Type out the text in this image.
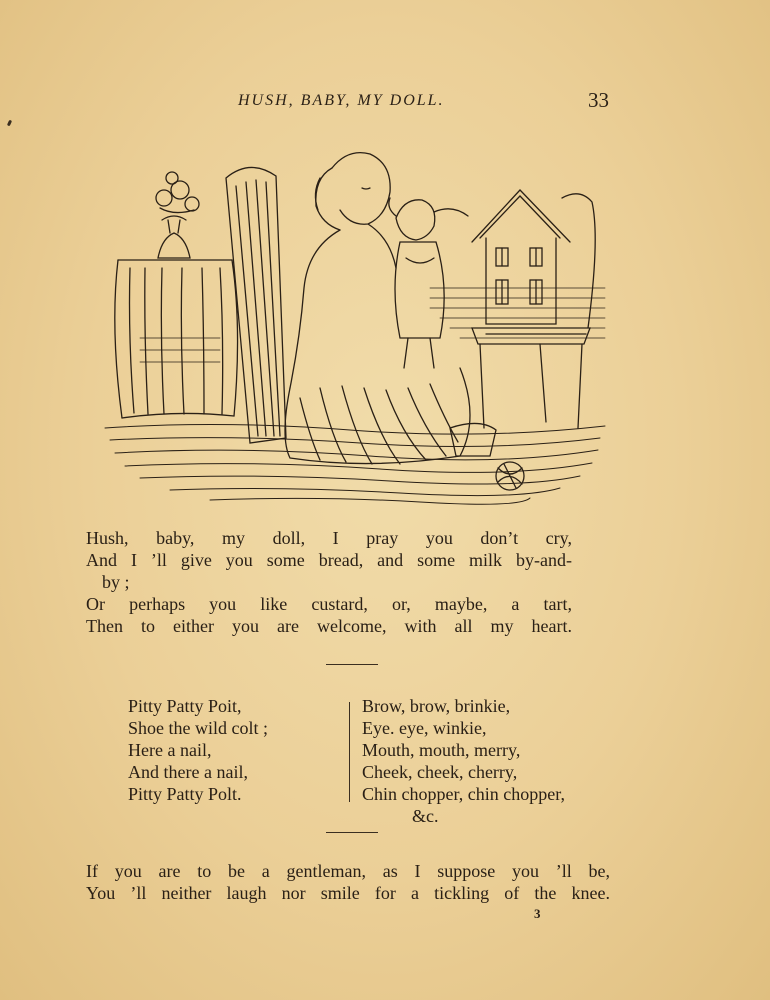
HUSH, BABY, MY DOLL.	33
Hush, baby, my doll, I pray you don’t cry,
And I ’ll give you some bread, and some milk by-and-
by ;
Or perhaps you like custard, or, maybe, a tart,
Then to either you are welcome, with all my heart.
Pitty Patty Poit,
Shoe the wild colt ;
Here a nail,
And there a nail,
Pitty Patty Polt.
Brow, brow, brinkie,
Eye. eye, winkie,
Mouth, mouth, merry,
Cheek, cheek, cherry,
Chin chopper, chin chopper,
&c.
If you are to be a gentleman, as I suppose you ’ll be,
You ’ll neither laugh nor smile for a tickling of the knee.
3
